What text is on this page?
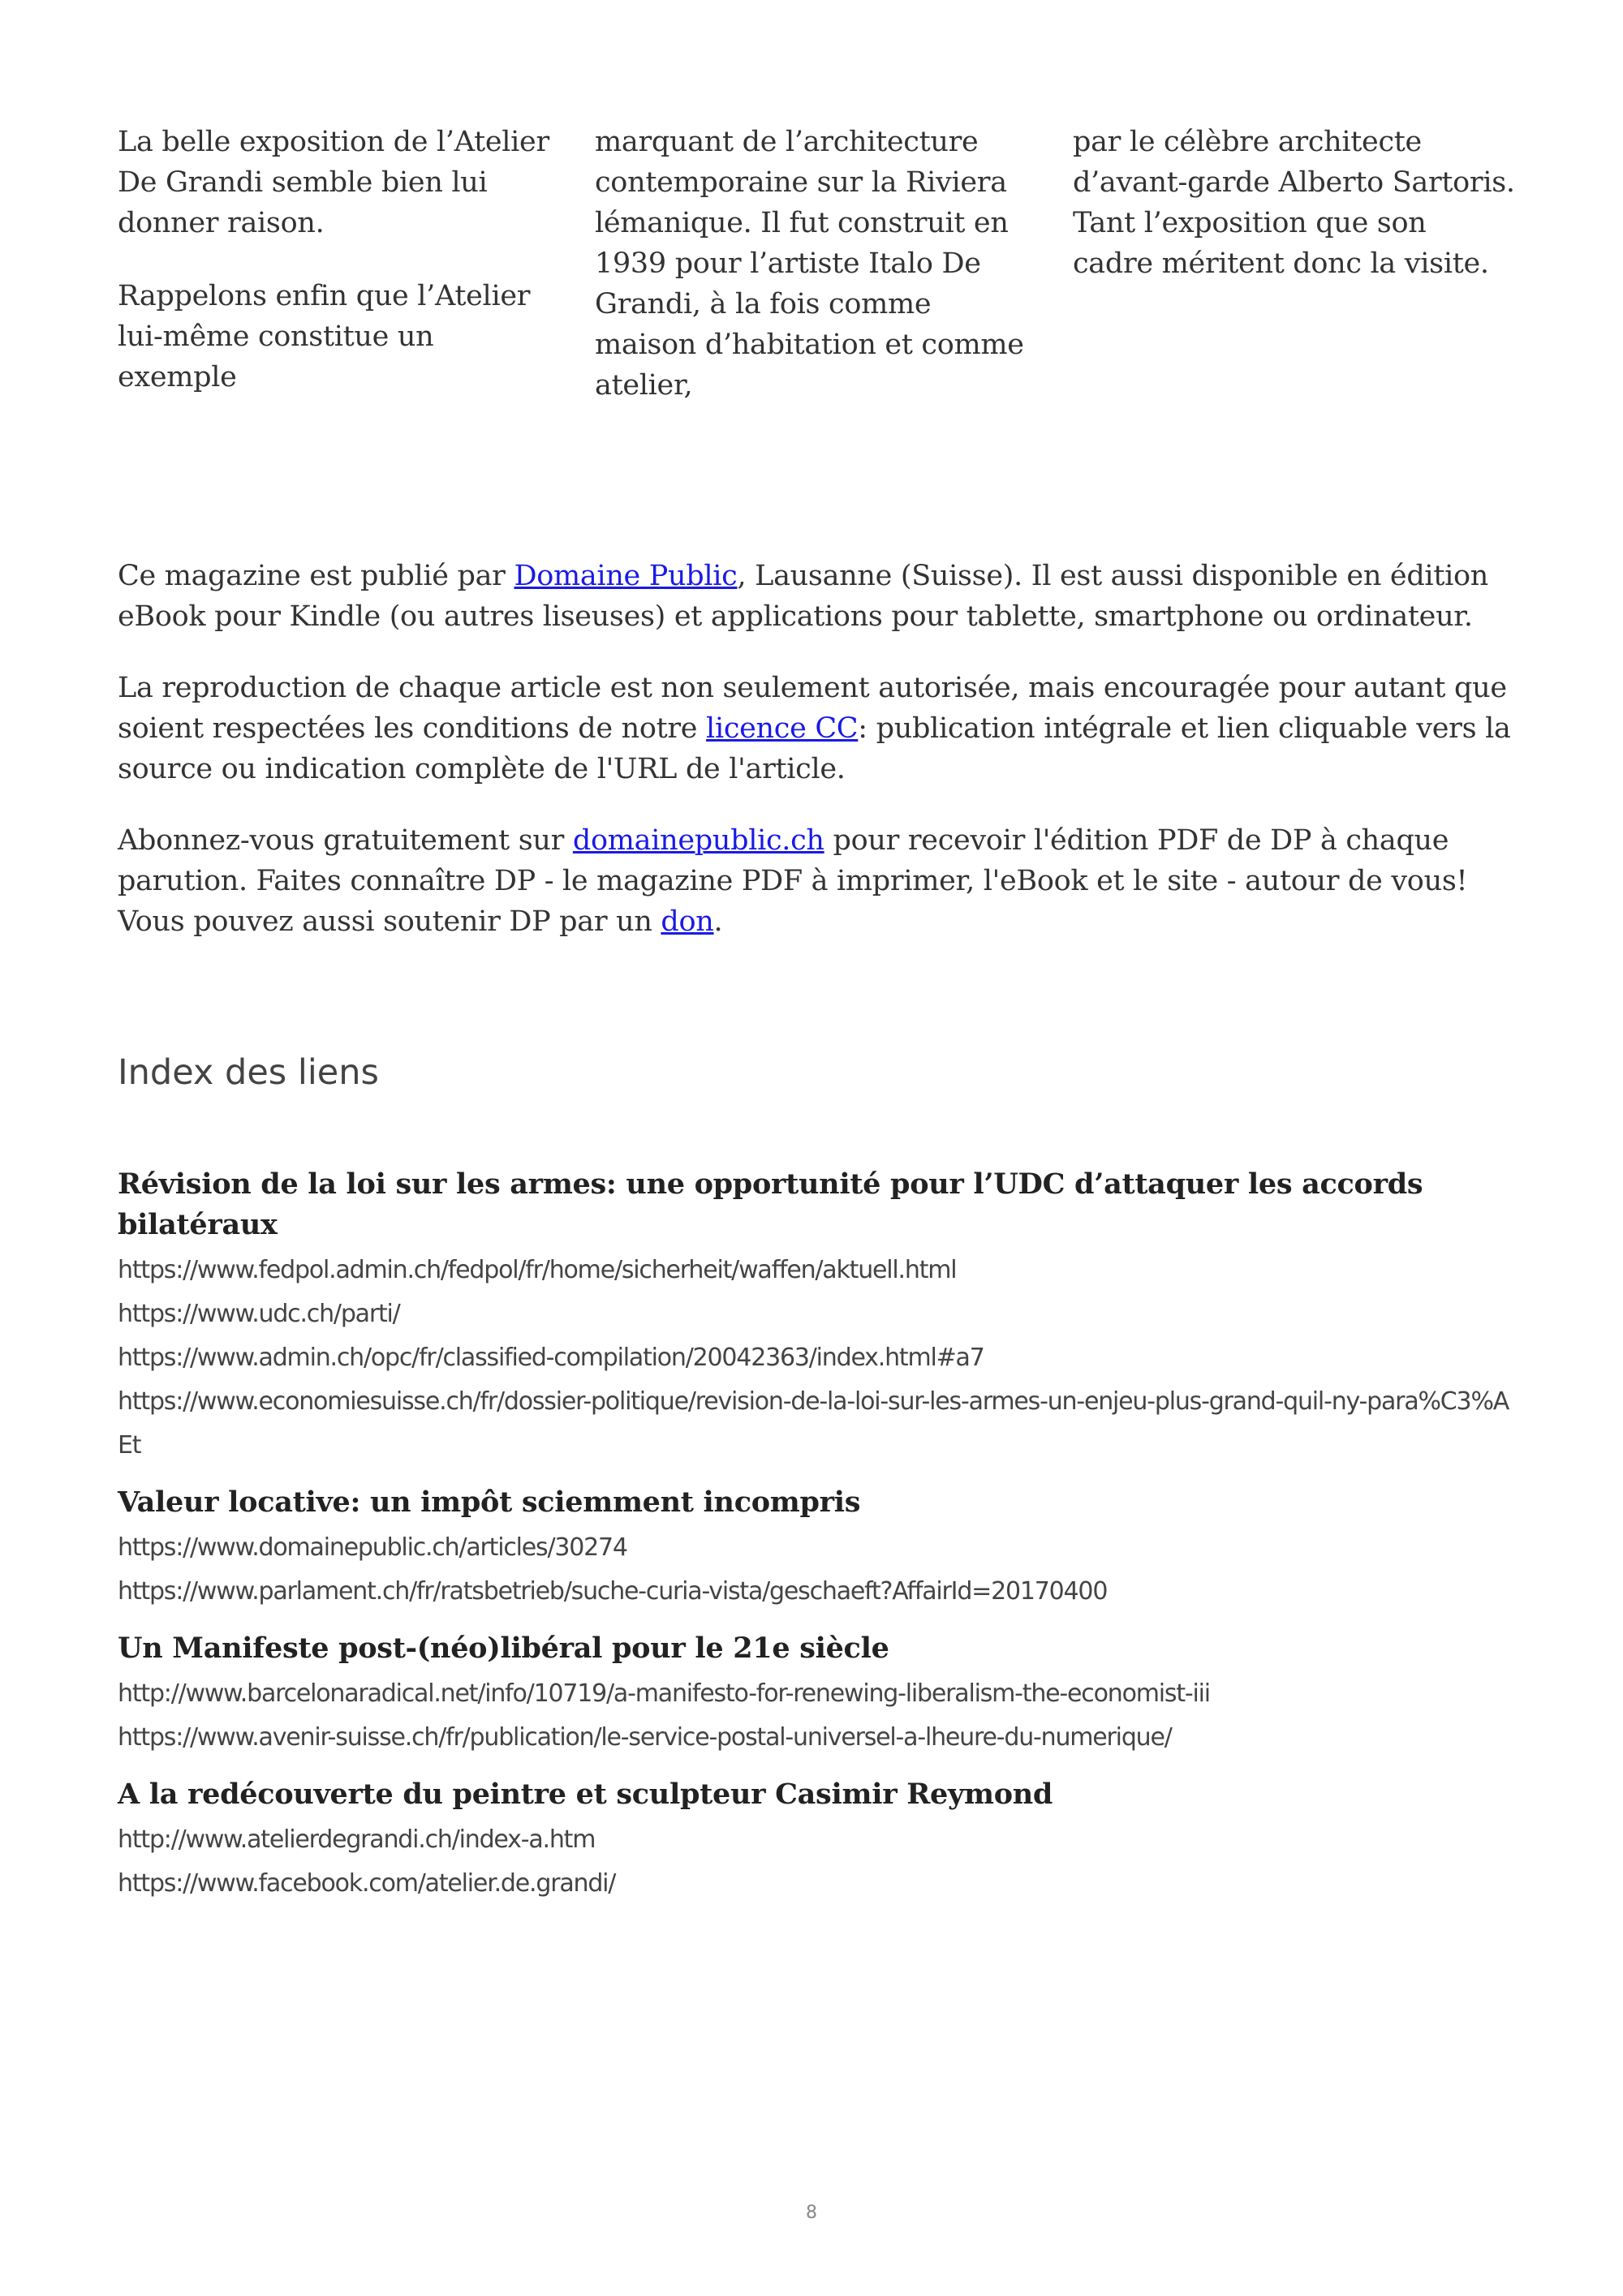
La belle exposition de l’Atelier De Grandi semble bien lui donner raison.

Rappelons enfin que l’Atelier lui-même constitue un exemple

marquant de l’architecture contemporaine sur la Riviera lémanique. Il fut construit en 1939 pour l’artiste Italo De Grandi, à la fois comme maison d’habitation et comme atelier,

par le célèbre architecte d’avant-garde Alberto Sartoris. Tant l’exposition que son cadre méritent donc la visite.

Ce magazine est publié par Domaine Public, Lausanne (Suisse). Il est aussi disponible en édition eBook pour Kindle (ou autres liseuses) et applications pour tablette, smartphone ou ordinateur.

La reproduction de chaque article est non seulement autorisée, mais encouragée pour autant que soient respectées les conditions de notre licence CC: publication intégrale et lien cliquable vers la source ou indication complète de l'URL de l'article.

Abonnez-vous gratuitement sur domainepublic.ch pour recevoir l'édition PDF de DP à chaque parution. Faites connaître DP - le magazine PDF à imprimer, l'eBook et le site - autour de vous! Vous pouvez aussi soutenir DP par un don.

Index des liens

Révision de la loi sur les armes: une opportunité pour l’UDC d’attaquer les accords bilatéraux

https://www.fedpol.admin.ch/fedpol/fr/home/sicherheit/waffen/aktuell.html

https://www.udc.ch/parti/

https://www.admin.ch/opc/fr/classified-compilation/20042363/index.html#a7

https://www.economiesuisse.ch/fr/dossier-politique/revision-de-la-loi-sur-les-armes-un-enjeu-plus-grand-quil-ny-para%C3%AEt

Valeur locative: un impôt sciemment incompris

https://www.domainepublic.ch/articles/30274

https://www.parlament.ch/fr/ratsbetrieb/suche-curia-vista/geschaeft?AffairId=20170400

Un Manifeste post-(néo)libéral pour le 21e siècle

http://www.barcelonaradical.net/info/10719/a-manifesto-for-renewing-liberalism-the-economist-iii

https://www.avenir-suisse.ch/fr/publication/le-service-postal-universel-a-lheure-du-numerique/

A la redécouverte du peintre et sculpteur Casimir Reymond

http://www.atelierdegrandi.ch/index-a.htm

https://www.facebook.com/atelier.de.grandi/

8
